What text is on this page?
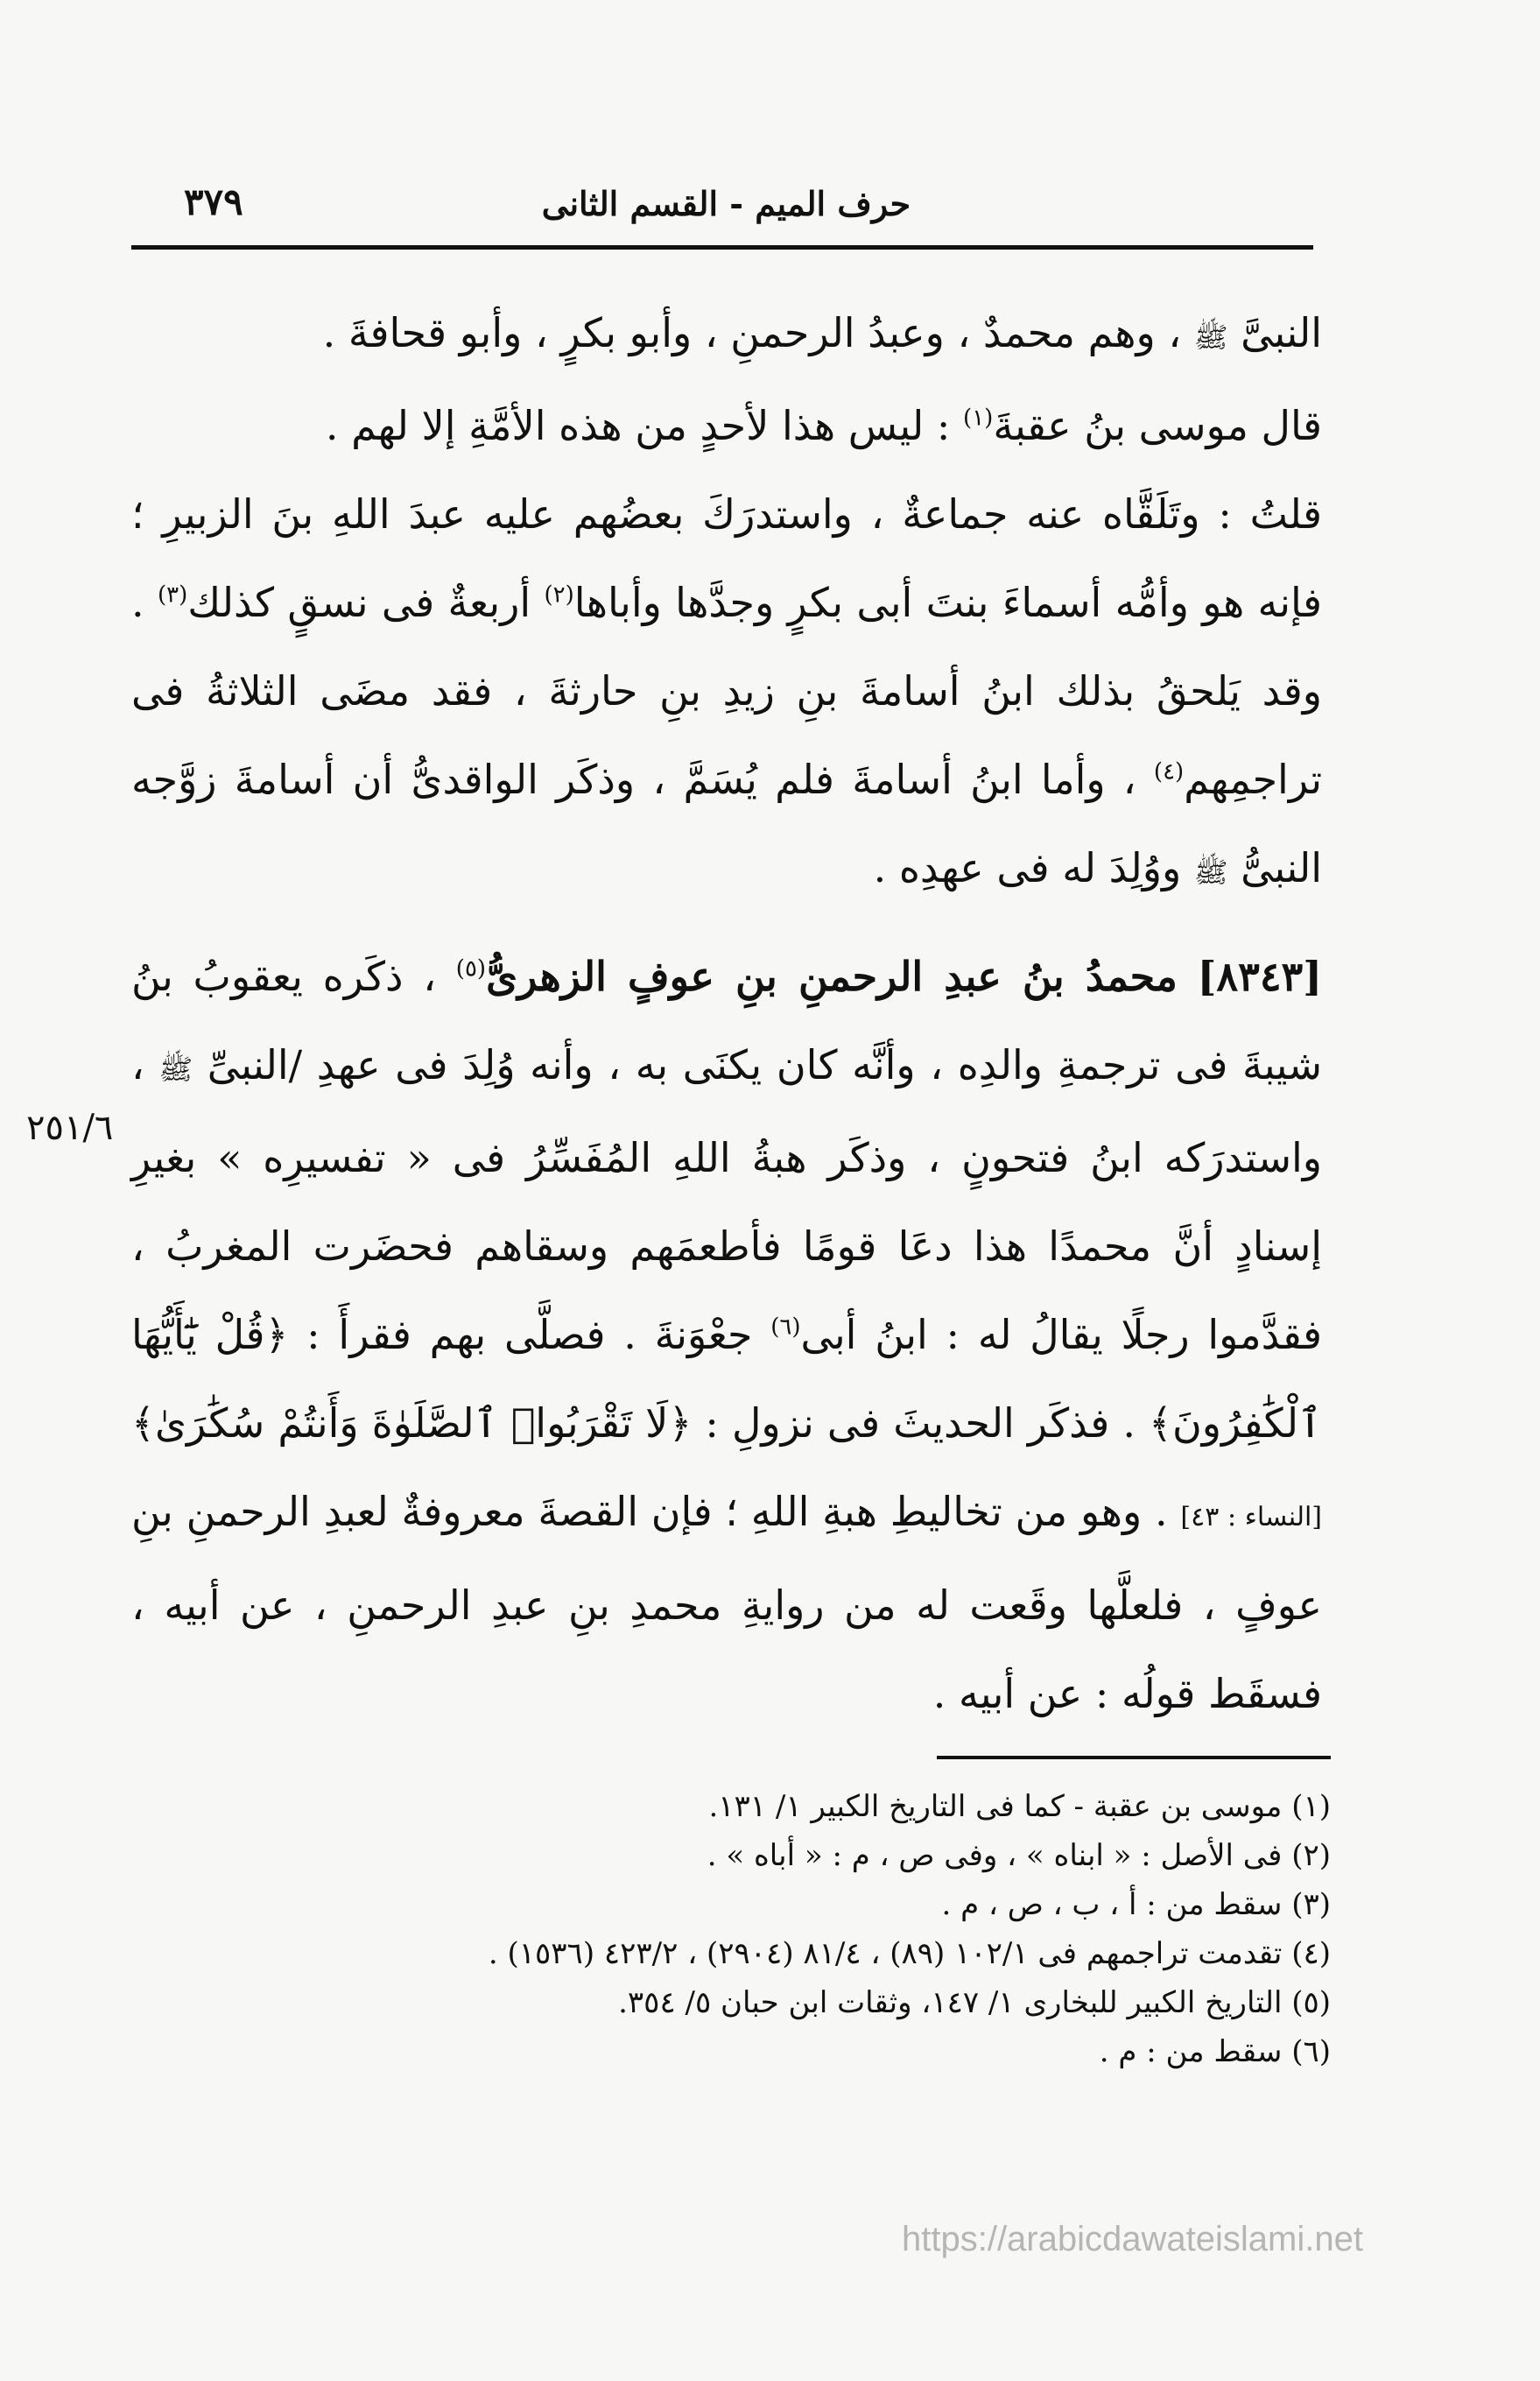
حرف الميم - القسم الثانى
٣٧٩
٢٥١/٦

النبىَّ ﷺ ، وهم محمدٌ ، وعبدُ الرحمنِ ، وأبو بكرٍ ، وأبو قحافةَ .

قال موسى بنُ عقبةَ$^{(١)}$ : ليس هذا لأحدٍ من هذه الأمَّةِ إلا لهم .

قلتُ : وتَلَقَّاه عنه جماعةٌ ، واستدرَكَ بعضُهم عليه عبدَ اللهِ بنَ الزبيرِ ؛ فإنه هو وأمُّه أسماءَ بنتَ أبى بكرٍ وجدَّها وأباها$^{(٢)}$ أربعةٌ فى نسقٍ كذلك$^{(٣)}$ . وقد يَلحقُ بذلك ابنُ أسامةَ بنِ زيدِ بنِ حارثةَ ، فقد مضَى الثلاثةُ فى تراجمِهم$^{(٤)}$ ، وأما ابنُ أسامةَ فلم يُسَمَّ ، وذكَر الواقدىُّ أن أسامةَ زوَّجه النبىُّ ﷺ ووُلِدَ له فى عهدِه .

[٨٣٤٣] محمدُ بنُ عبدِ الرحمنِ بنِ عوفٍ الزهرىُّ$^{(٥)}$ ، ذكَره يعقوبُ بنُ شيبةَ فى ترجمةِ والدِه ، وأنَّه كان يكنَى به ، وأنه وُلِدَ فى عهدِ /النبىِّ ﷺ ، واستدرَكه ابنُ فتحونٍ ، وذكَر هبةُ اللهِ المُفَسِّرُ فى « تفسيرِه » بغيرِ إسنادٍ أنَّ محمدًا هذا دعَا قومًا فأطعمَهم وسقاهم فحضَرت المغربُ ، فقدَّموا رجلًا يقالُ له : ابنُ أبى$^{(٦)}$ جعْوَنةَ . فصلَّى بهم فقرأَ : ﴿قُلْ يَٰٓأَيُّهَا ٱلْكَٰفِرُونَ﴾ . فذكَر الحديثَ فى نزولِ : ﴿لَا تَقْرَبُوا۟ ٱلصَّلَوٰةَ وَأَنتُمْ سُكَٰرَىٰ﴾ [النساء : ٤٣] . وهو من تخاليطِ هبةِ اللهِ ؛ فإن القصةَ معروفةٌ لعبدِ الرحمنِ بنِ عوفٍ ، فلعلَّها وقَعت له من روايةِ محمدِ بنِ عبدِ الرحمنِ ، عن أبيه ، فسقَط قولُه : عن أبيه .

(١) موسى بن عقبة - كما فى التاريخ الكبير ١/ ١٣١.
(٢) فى الأصل : « ابناه » ، وفى ص ، م : « أباه » .
(٣) سقط من : أ ، ب ، ص ، م .
(٤) تقدمت تراجمهم فى ١٠٢/١ (٨٩) ، ٨١/٤ (٢٩٠٤) ، ٤٢٣/٢ (١٥٣٦) .
(٥) التاريخ الكبير للبخارى ١/ ١٤٧، وثقات ابن حبان ٥/ ٣٥٤.
(٦) سقط من : م .
https://arabicdawateislami.net
